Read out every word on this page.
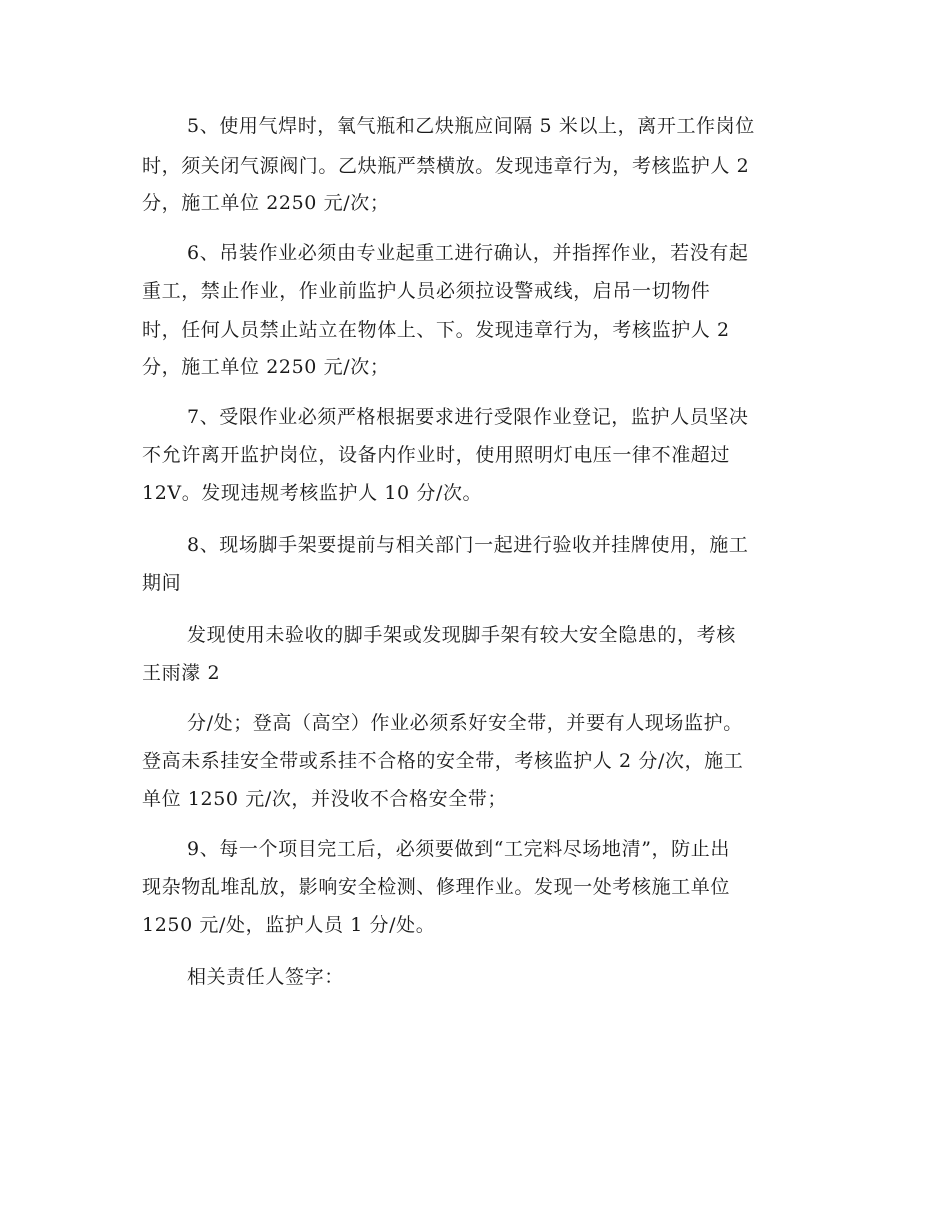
5、使用气焊时，氧气瓶和乙炔瓶应间隔 5 米以上，离开工作岗位
时，须关闭气源阀门。乙炔瓶严禁横放。发现违章行为，考核监护人 2
分，施工单位 2250 元/次；
6、吊装作业必须由专业起重工进行确认，并指挥作业，若没有起
重工，禁止作业，作业前监护人员必须拉设警戒线，启吊一切物件
时，任何人员禁止站立在物体上、下。发现违章行为，考核监护人 2
分，施工单位 2250 元/次；
7、受限作业必须严格根据要求进行受限作业登记，监护人员坚决
不允许离开监护岗位，设备内作业时，使用照明灯电压一律不准超过
12V。发现违规考核监护人 10 分/次。
8、现场脚手架要提前与相关部门一起进行验收并挂牌使用，施工
期间
发现使用未验收的脚手架或发现脚手架有较大安全隐患的，考核
王雨濛 2
分/处；登高（高空）作业必须系好安全带，并要有人现场监护。
登高未系挂安全带或系挂不合格的安全带，考核监护人 2 分/次，施工
单位 1250 元/次，并没收不合格安全带；
9、每一个项目完工后，必须要做到“工完料尽场地清”，防止出
现杂物乱堆乱放，影响安全检测、修理作业。发现一处考核施工单位
1250 元/处，监护人员 1 分/处。
相关责任人签字：
